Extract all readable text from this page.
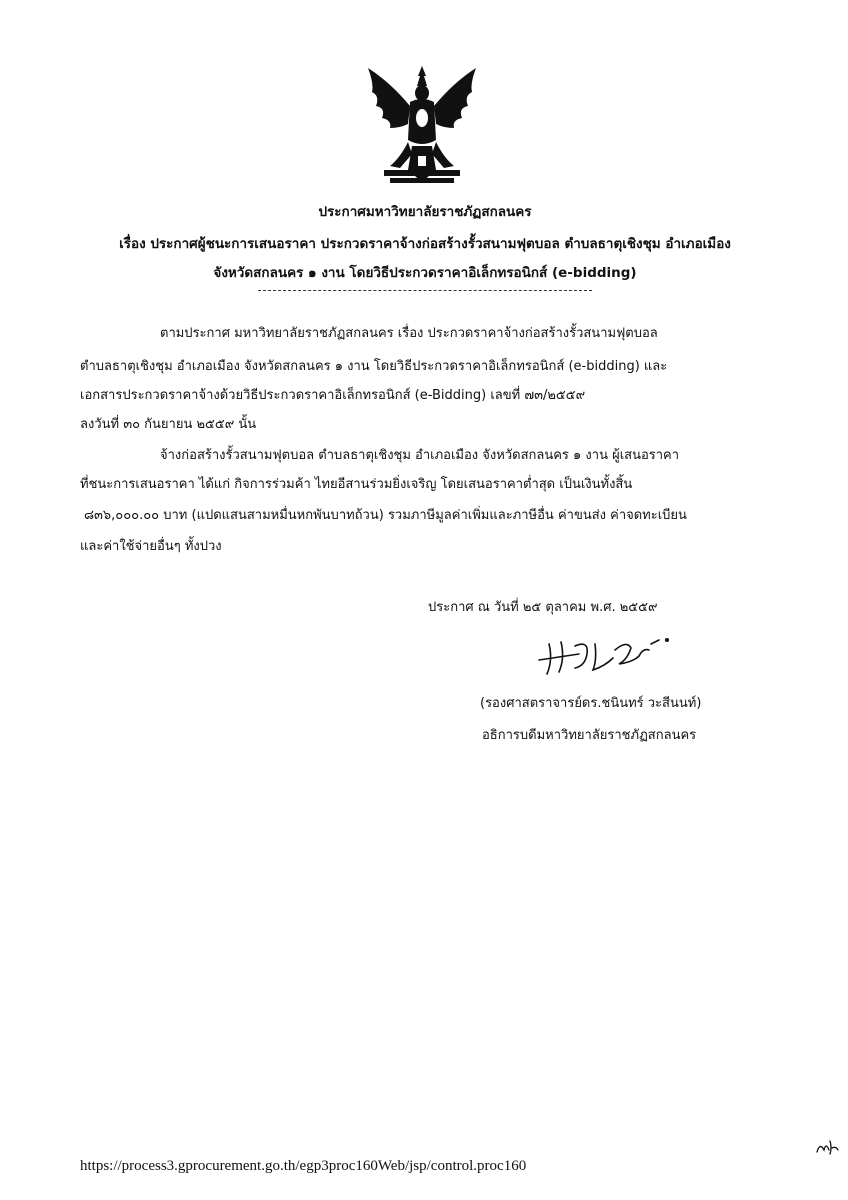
ประกาศมหาวิทยาลัยราชภัฏสกลนคร
เรื่อง ประกาศผู้ชนะการเสนอราคา ประกวดราคาจ้างก่อสร้างรั้วสนามฟุตบอล ตำบลธาตุเชิงชุม อำเภอเมือง
จังหวัดสกลนคร ๑ งาน โดยวิธีประกวดราคาอิเล็กทรอนิกส์ (e-bidding)
ตามประกาศ มหาวิทยาลัยราชภัฏสกลนคร เรื่อง ประกวดราคาจ้างก่อสร้างรั้วสนามฟุตบอล
ตำบลธาตุเชิงชุม อำเภอเมือง จังหวัดสกลนคร ๑ งาน โดยวิธีประกวดราคาอิเล็กทรอนิกส์ (e-bidding) และ
เอกสารประกวดราคาจ้างด้วยวิธีประกวดราคาอิเล็กทรอนิกส์ (e-Bidding) เลขที่ ๗๓/๒๕๕๙
ลงวันที่ ๓๐ กันยายน ๒๕๕๙ นั้น
จ้างก่อสร้างรั้วสนามฟุตบอล ตำบลธาตุเชิงชุม อำเภอเมือง จังหวัดสกลนคร ๑ งาน ผู้เสนอราคา
ที่ชนะการเสนอราคา ได้แก่ กิจการร่วมค้า ไทยอีสานร่วมยิ่งเจริญ โดยเสนอราคาต่ำสุด เป็นเงินทั้งสิ้น
๘๓๖,๐๐๐.๐๐ บาท (แปดแสนสามหมื่นหกพันบาทถ้วน) รวมภาษีมูลค่าเพิ่มและภาษีอื่น ค่าขนส่ง ค่าจดทะเบียน
และค่าใช้จ่ายอื่นๆ ทั้งปวง
ประกาศ ณ วันที่ ๒๕ ตุลาคม พ.ศ. ๒๕๕๙
(รองศาสตราจารย์ดร.ชนินทร์ วะสีนนท์)
อธิการบดีมหาวิทยาลัยราชภัฏสกลนคร
https://process3.gprocurement.go.th/egp3proc160Web/jsp/control.proc160
